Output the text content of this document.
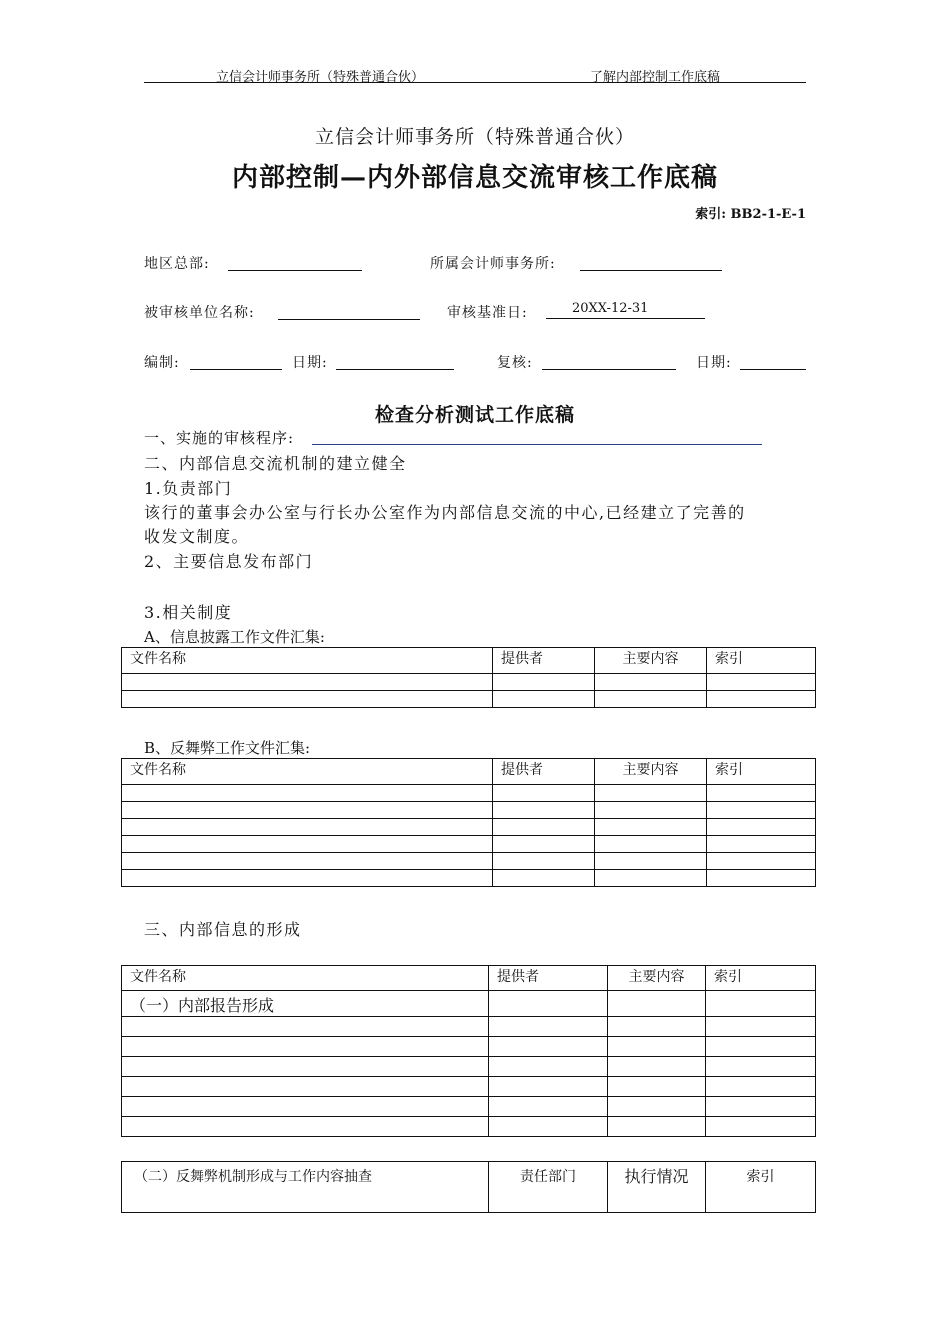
立信会计师事务所（特殊普通合伙）	了解内部控制工作底稿
立信会计师事务所（特殊普通合伙）
内部控制—内外部信息交流审核工作底稿
索引: BB2-1-E-1
地区总部:	所属会计师事务所:
被审核单位名称:	审核基准日:	20XX-12-31
编制:	日期:	复核:	日期:
检查分析测试工作底稿
一、实施的审核程序:
二、内部信息交流机制的建立健全
1.负责部门
该行的董事会办公室与行长办公室作为内部信息交流的中心,已经建立了完善的
收发文制度。
2、主要信息发布部门
3.相关制度
A、信息披露工作文件汇集:
文件名称	提供者	主要内容	索引

B、反舞弊工作文件汇集:
文件名称	提供者	主要内容	索引

三、内部信息的形成
文件名称	提供者	主要内容	索引
（一）内部报告形成			

（二）反舞弊机制形成与工作内容抽查	责任部门	执行情况	索引
